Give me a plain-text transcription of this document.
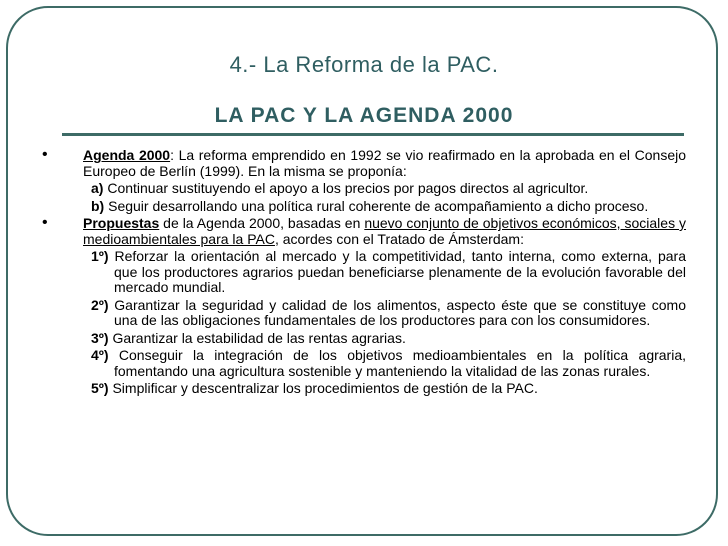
4.- La Reforma de la PAC.
LA PAC Y LA AGENDA 2000
•	Agenda 2000: La reforma emprendido en 1992 se vio reafirmado en la aprobada en el Consejo Europeo de Berlín (1999). En la misma se proponía:
a) Continuar sustituyendo el apoyo a los precios por pagos directos al agricultor.
b) Seguir desarrollando una política rural coherente de acompañamiento a dicho proceso.
•	Propuestas de la Agenda 2000, basadas en nuevo conjunto de objetivos económicos, sociales y medioambientales para la PAC, acordes con el Tratado de Ámsterdam:
1º) Reforzar la orientación al mercado y la competitividad, tanto interna, como externa, para que los productores agrarios puedan beneficiarse plenamente de la evolución favorable del mercado mundial.
2º) Garantizar la seguridad y calidad de los alimentos, aspecto éste que se constituye como una de las obligaciones fundamentales de los productores para con los consumidores.
3º) Garantizar la estabilidad de las rentas agrarias.
4º) Conseguir la integración de los objetivos medioambientales en la política agraria, fomentando una agricultura sostenible y manteniendo la vitalidad de las zonas rurales.
5º) Simplificar y descentralizar los procedimientos de gestión de la PAC.
